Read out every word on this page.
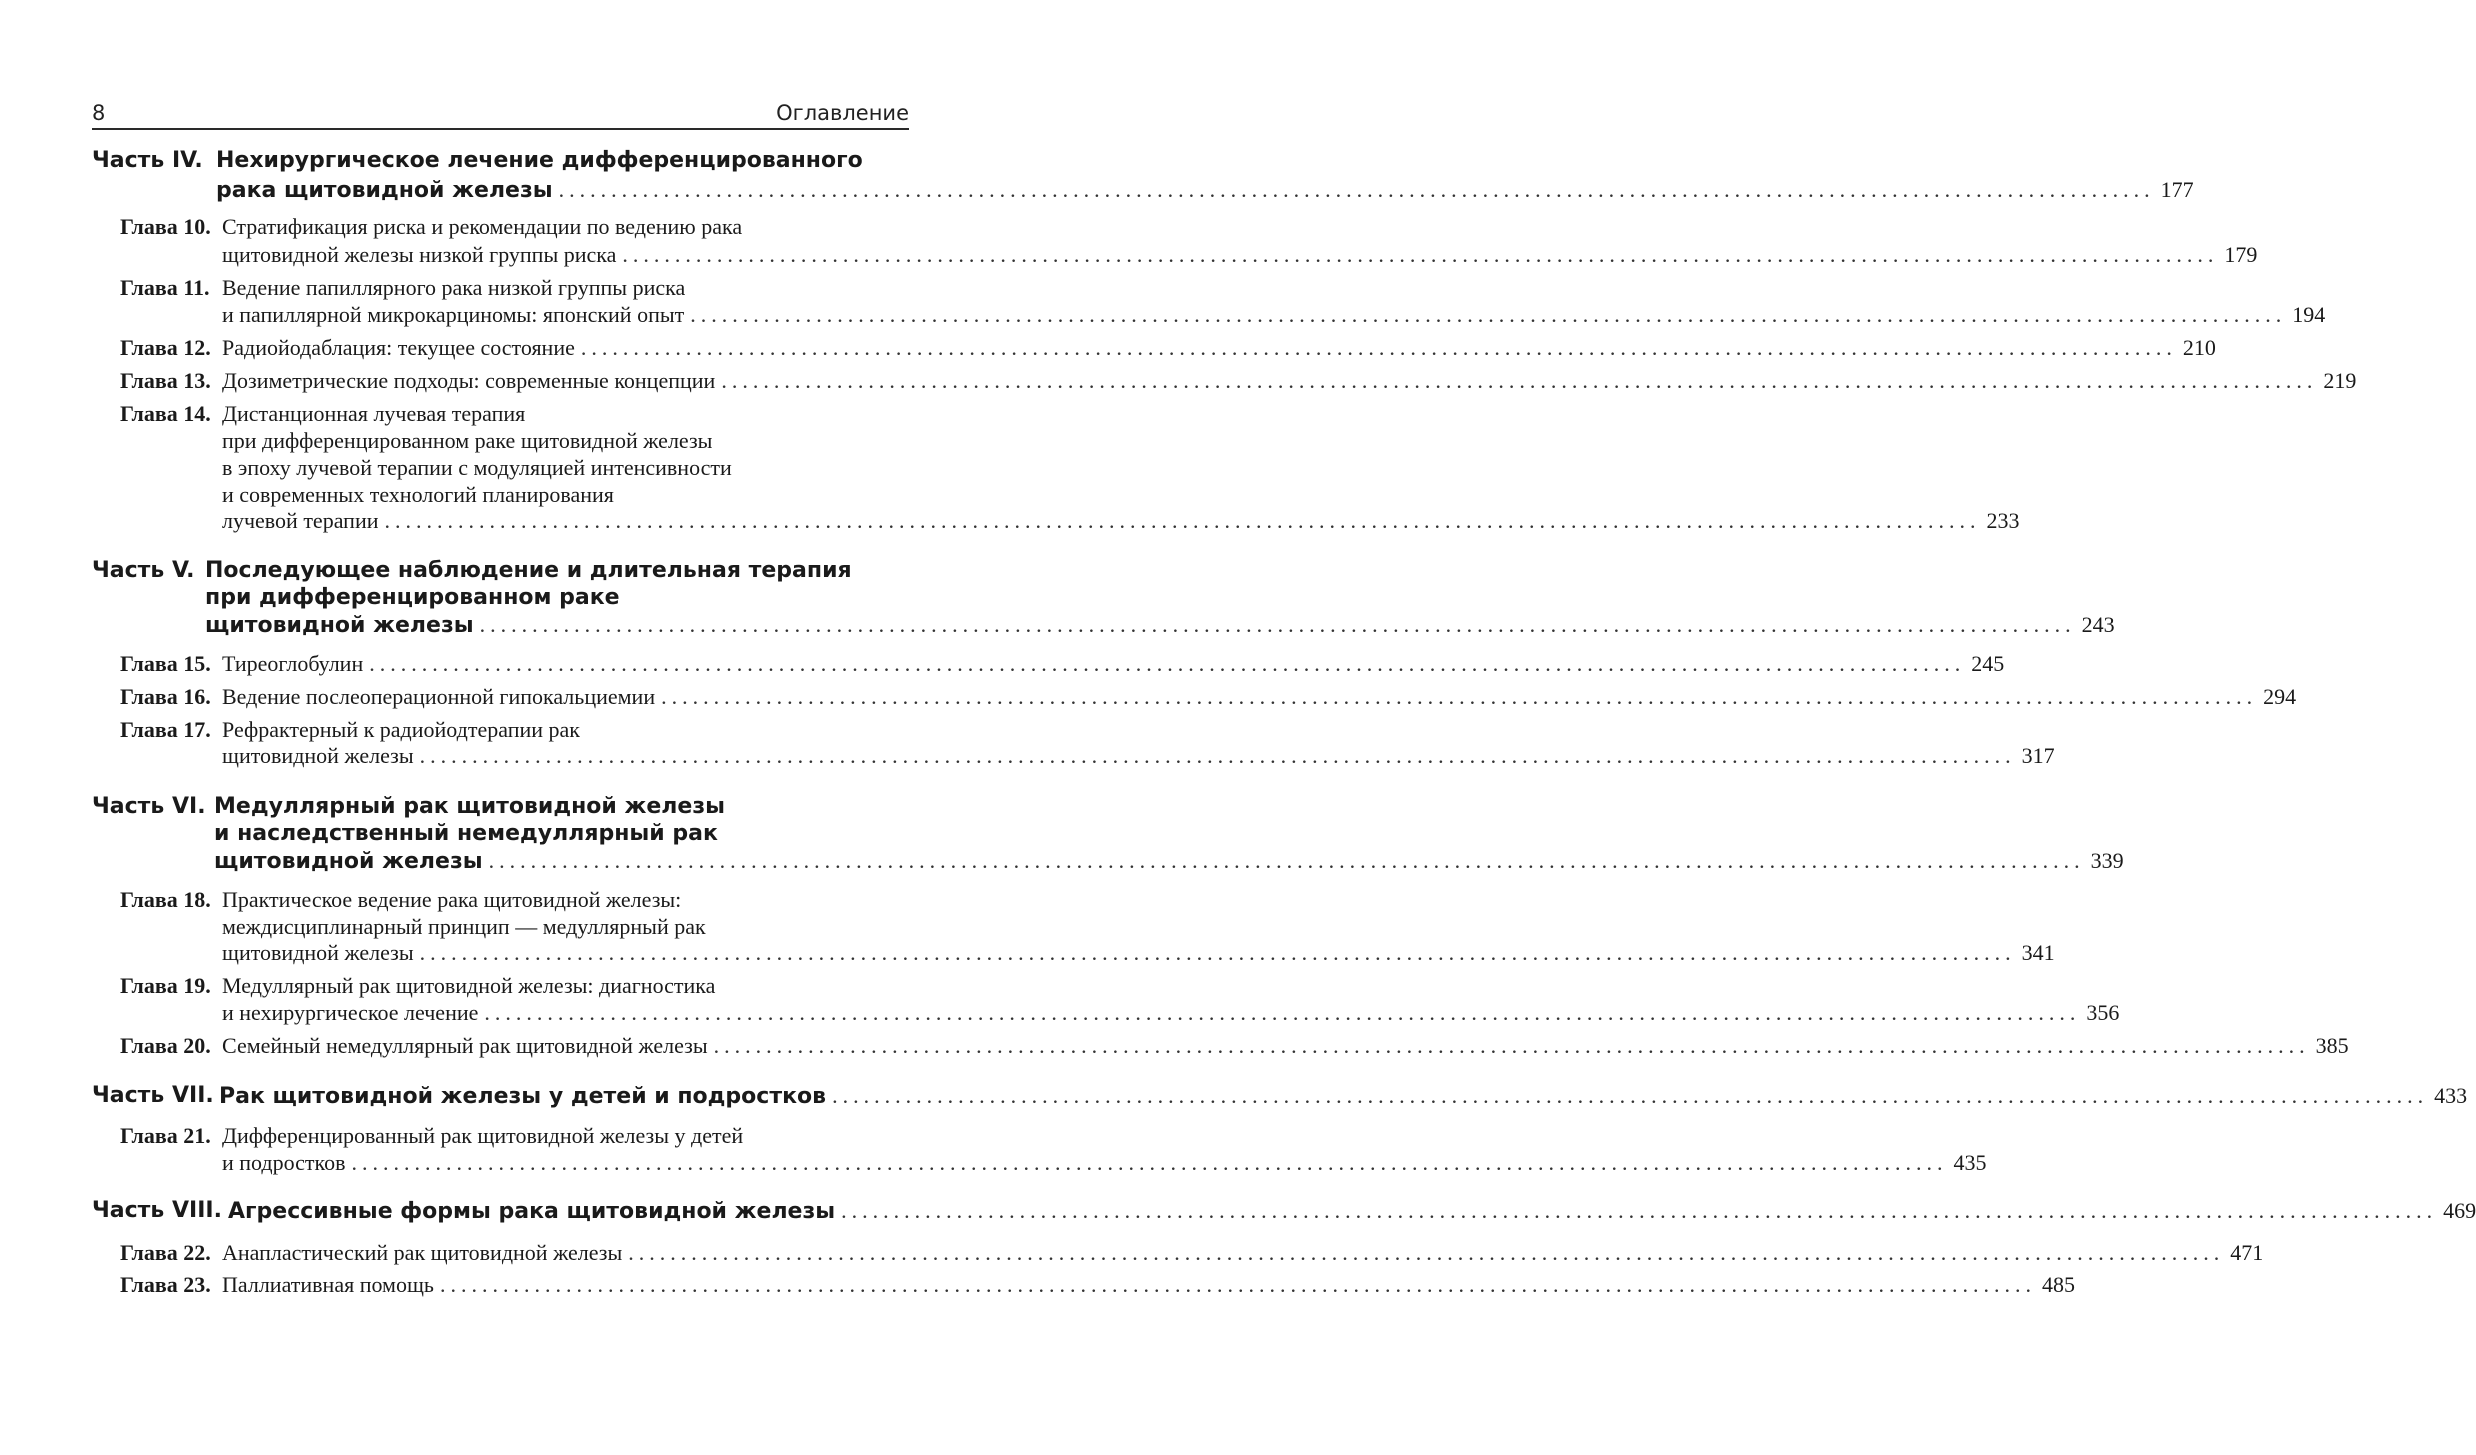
8	Оглавление
Часть IV. Нехирургическое лечение дифференцированного
рака щитовидной железы ........................................................................................................................................................ 177
Глава 10. Стратификация риска и рекомендации по ведению рака
щитовидной железы низкой группы риска ........................................................................................................................................................ 179
Глава 11. Ведение папиллярного рака низкой группы риска
и папиллярной микрокарциномы: японский опыт ........................................................................................................................................................ 194
Глава 12. Радиойодаблация: текущее состояние ........................................................................................................................................................ 210
Глава 13. Дозиметрические подходы: современные концепции ........................................................................................................................................................ 219
Глава 14. Дистанционная лучевая терапия
при дифференцированном раке щитовидной железы
в эпоху лучевой терапии с модуляцией интенсивности
и современных технологий планирования
лучевой терапии ........................................................................................................................................................ 233
Часть V. Последующее наблюдение и длительная терапия
при дифференцированном раке
щитовидной железы ........................................................................................................................................................ 243
Глава 15. Тиреоглобулин ........................................................................................................................................................ 245
Глава 16. Ведение послеоперационной гипокальциемии ........................................................................................................................................................ 294
Глава 17. Рефрактерный к радиойодтерапии рак
щитовидной железы ........................................................................................................................................................ 317
Часть VI. Медуллярный рак щитовидной железы
и наследственный немедуллярный рак
щитовидной железы ........................................................................................................................................................ 339
Глава 18. Практическое ведение рака щитовидной железы:
междисциплинарный принцип — медуллярный рак
щитовидной железы ........................................................................................................................................................ 341
Глава 19. Медуллярный рак щитовидной железы: диагностика
и нехирургическое лечение ........................................................................................................................................................ 356
Глава 20. Семейный немедуллярный рак щитовидной железы ........................................................................................................................................................ 385
Часть VII. Рак щитовидной железы у детей и подростков ........................................................................................................................................................ 433
Глава 21. Дифференцированный рак щитовидной железы у детей
и подростков ........................................................................................................................................................ 435
Часть VIII. Агрессивные формы рака щитовидной железы ........................................................................................................................................................ 469
Глава 22. Анапластический рак щитовидной железы ........................................................................................................................................................ 471
Глава 23. Паллиативная помощь ........................................................................................................................................................ 485
